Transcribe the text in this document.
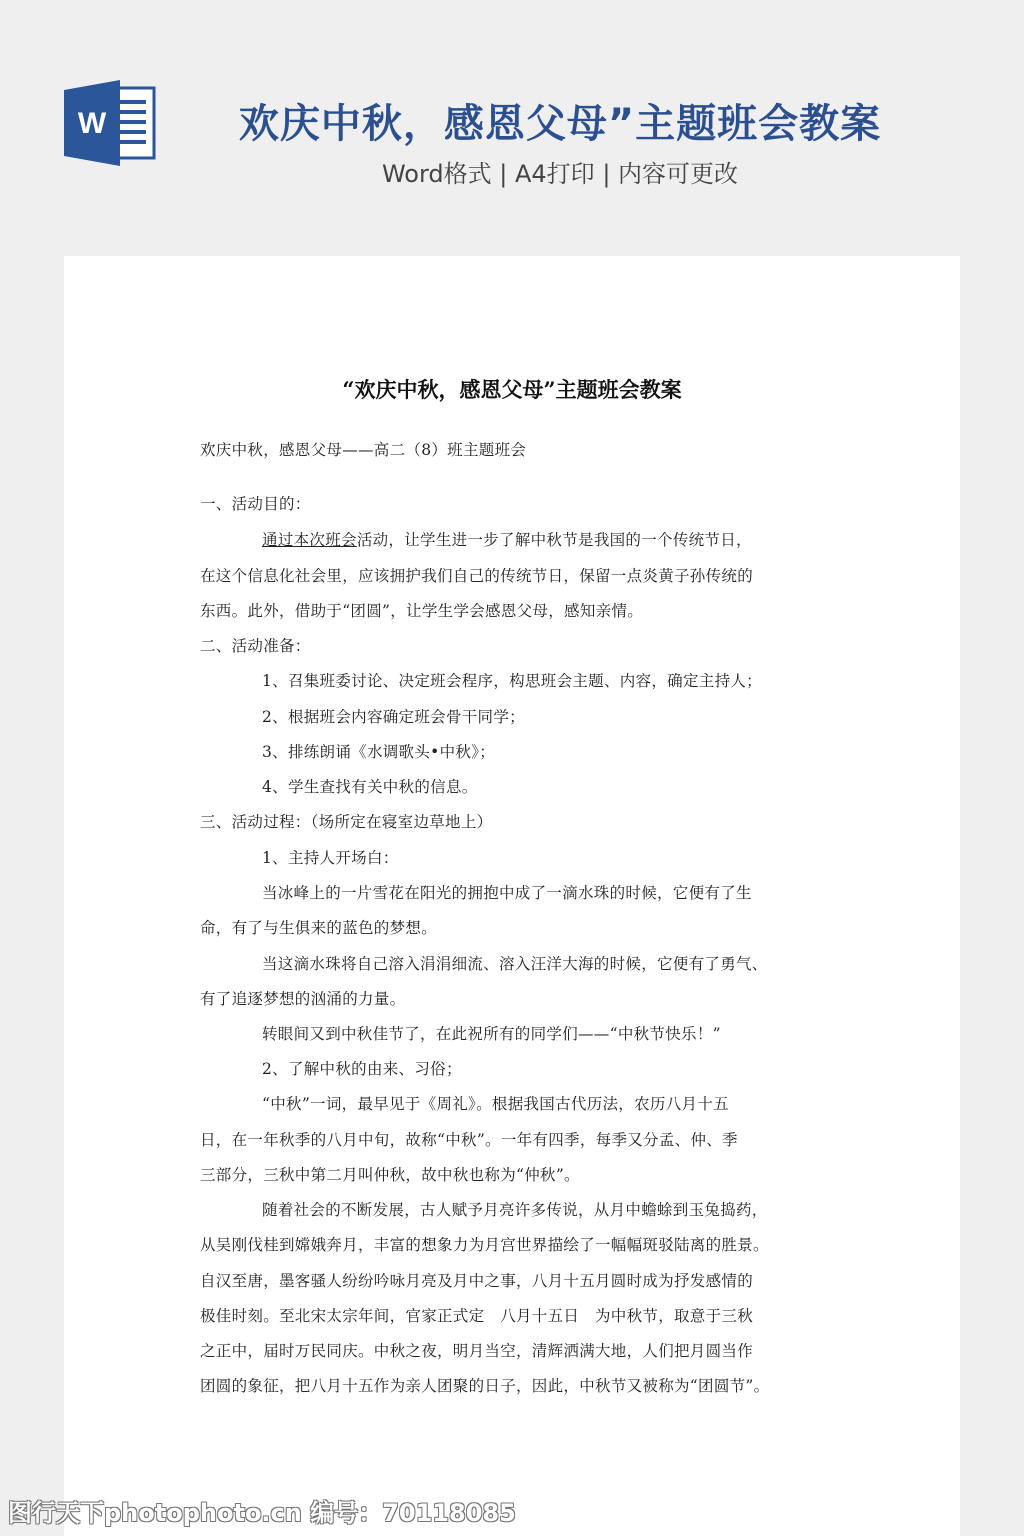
W	欢庆中秋，感恩父母”主题班会教案
Word格式 | A4打印 | 内容可更改
“欢庆中秋，感恩父母”主题班会教案
欢庆中秋，感恩父母——高二（8）班主题班会
一、活动目的：
通过本次班会活动，让学生进一步了解中秋节是我国的一个传统节日，
在这个信息化社会里，应该拥护我们自己的传统节日，保留一点炎黄子孙传统的
东西。此外，借助于“团圆”，让学生学会感恩父母，感知亲情。
二、活动准备：
1、召集班委讨论、决定班会程序，构思班会主题、内容，确定主持人；
2、根据班会内容确定班会骨干同学；
3、排练朗诵《水调歌头•中秋》；
4、学生查找有关中秋的信息。
三、活动过程：（场所定在寝室边草地上）
1、主持人开场白：
当冰峰上的一片雪花在阳光的拥抱中成了一滴水珠的时候，它便有了生
命，有了与生俱来的蓝色的梦想。
当这滴水珠将自己溶入涓涓细流、溶入汪洋大海的时候，它便有了勇气、
有了追逐梦想的汹涌的力量。
转眼间又到中秋佳节了，在此祝所有的同学们——“中秋节快乐！”
2、了解中秋的由来、习俗；
“中秋”一词，最早见于《周礼》。根据我国古代历法，农历八月十五
日，在一年秋季的八月中旬，故称“中秋”。一年有四季，每季又分孟、仲、季
三部分，三秋中第二月叫仲秋，故中秋也称为“仲秋”。
随着社会的不断发展，古人赋予月亮许多传说，从月中蟾蜍到玉兔捣药，
从吴刚伐桂到嫦娥奔月，丰富的想象力为月宫世界描绘了一幅幅斑驳陆离的胜景。
自汉至唐，墨客骚人纷纷吟咏月亮及月中之事，八月十五月圆时成为抒发感情的
极佳时刻。至北宋太宗年间，官家正式定　八月十五日　为中秋节，取意于三秋
之正中，届时万民同庆。中秋之夜，明月当空，清辉洒满大地，人们把月圆当作
团圆的象征，把八月十五作为亲人团聚的日子，因此，中秋节又被称为“团圆节”。
图行天下photophoto.cn 编号：70118085
